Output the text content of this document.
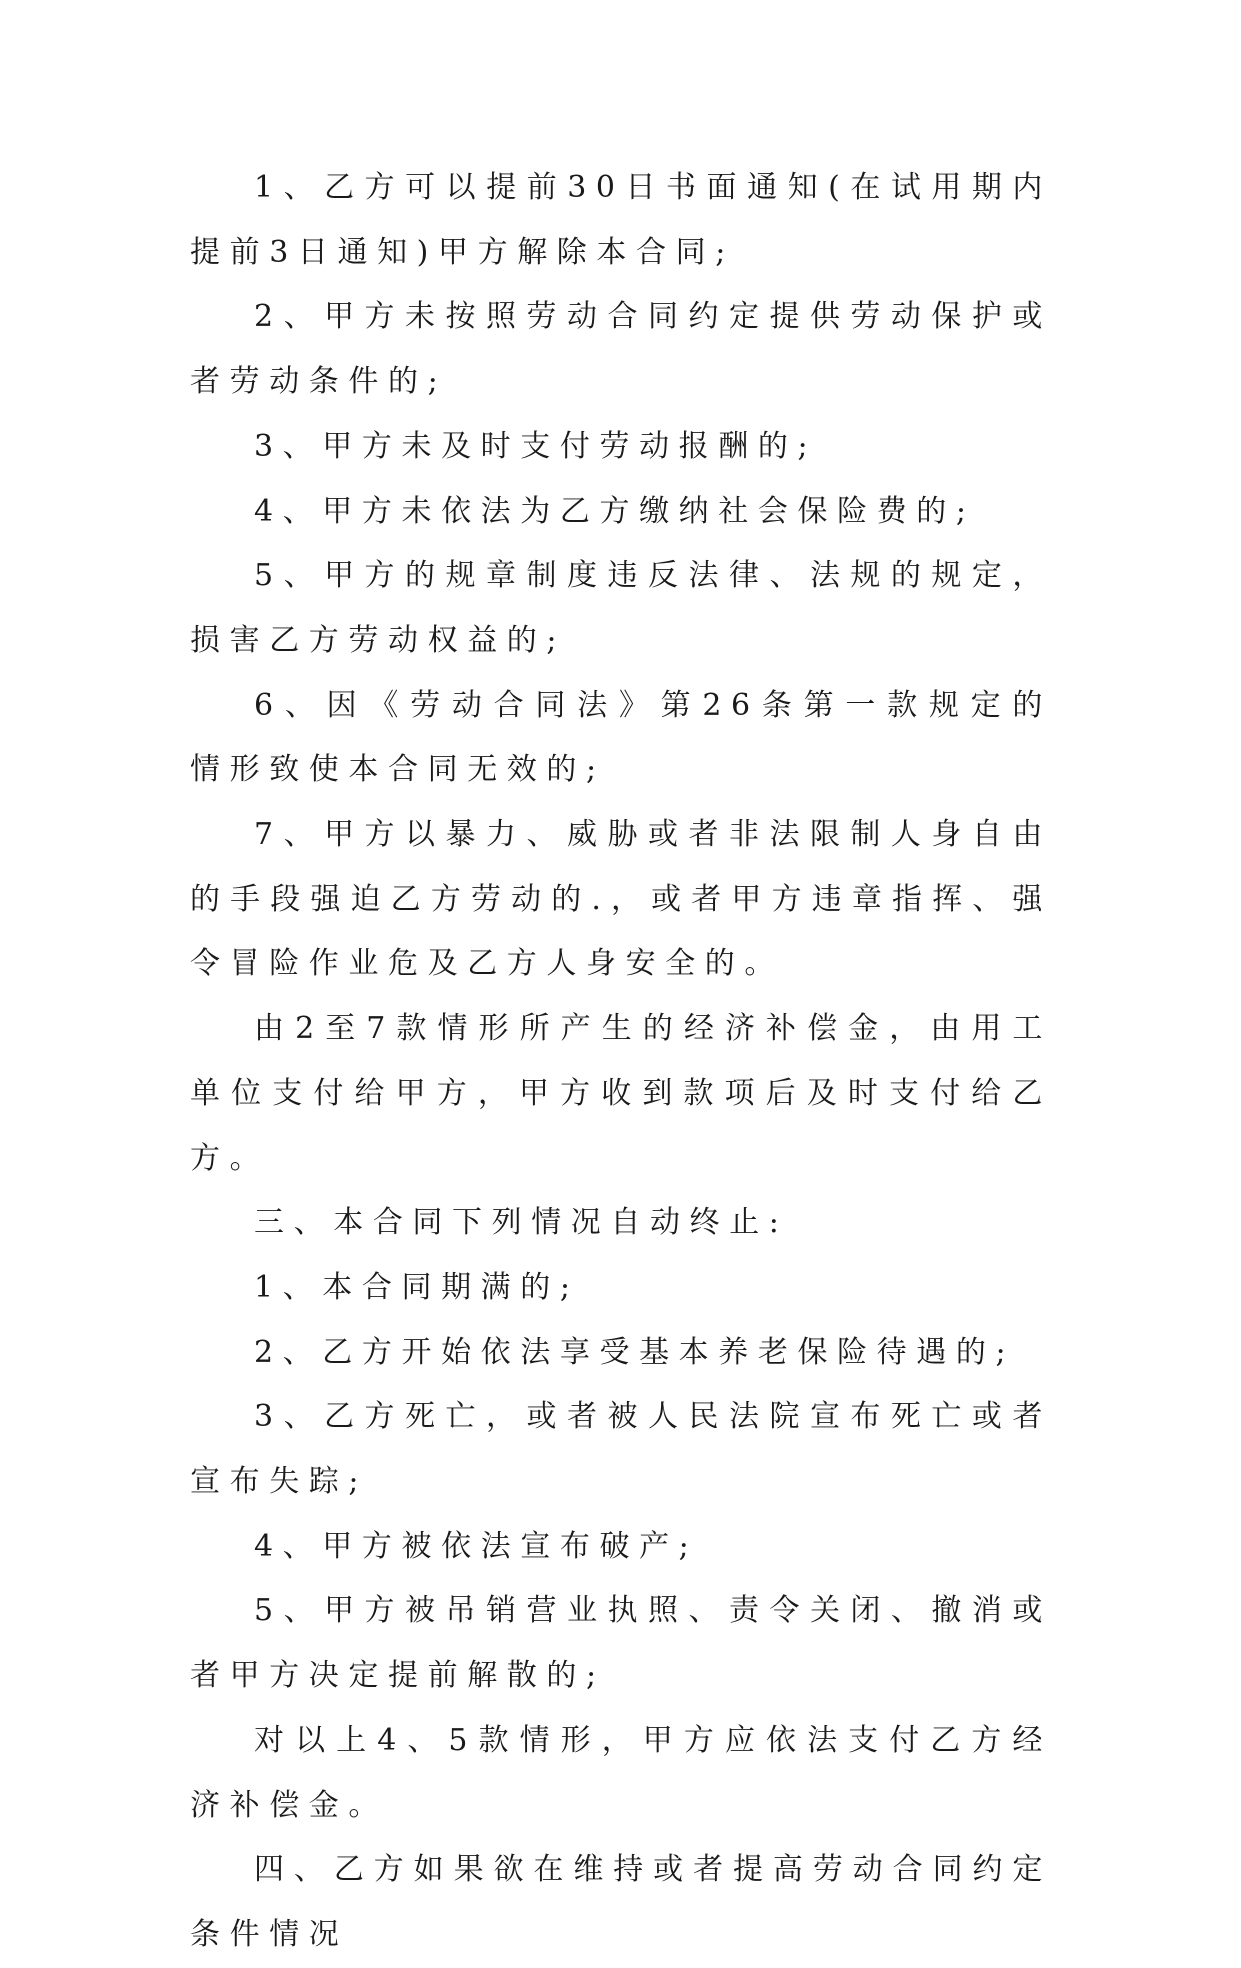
1、乙方可以提前30日书面通知(在试用期内提前3日通知)甲方解除本合同;

2、甲方未按照劳动合同约定提供劳动保护或者劳动条件的;

3、甲方未及时支付劳动报酬的;

4、甲方未依法为乙方缴纳社会保险费的;

5、甲方的规章制度违反法律、法规的规定，损害乙方劳动权益的;

6、因《劳动合同法》第26条第一款规定的情形致使本合同无效的;

7、甲方以暴力、威胁或者非法限制人身自由的手段强迫乙方劳动的.，或者甲方违章指挥、强令冒险作业危及乙方人身安全的。

由2至7款情形所产生的经济补偿金，由用工单位支付给甲方，甲方收到款项后及时支付给乙方。

三、本合同下列情况自动终止:

1、本合同期满的;

2、乙方开始依法享受基本养老保险待遇的;

3、乙方死亡，或者被人民法院宣布死亡或者宣布失踪;

4、甲方被依法宣布破产;

5、甲方被吊销营业执照、责令关闭、撤消或者甲方决定提前解散的;

对以上4、5款情形，甲方应依法支付乙方经济补偿金。

四、乙方如果欲在维持或者提高劳动合同约定条件情况
